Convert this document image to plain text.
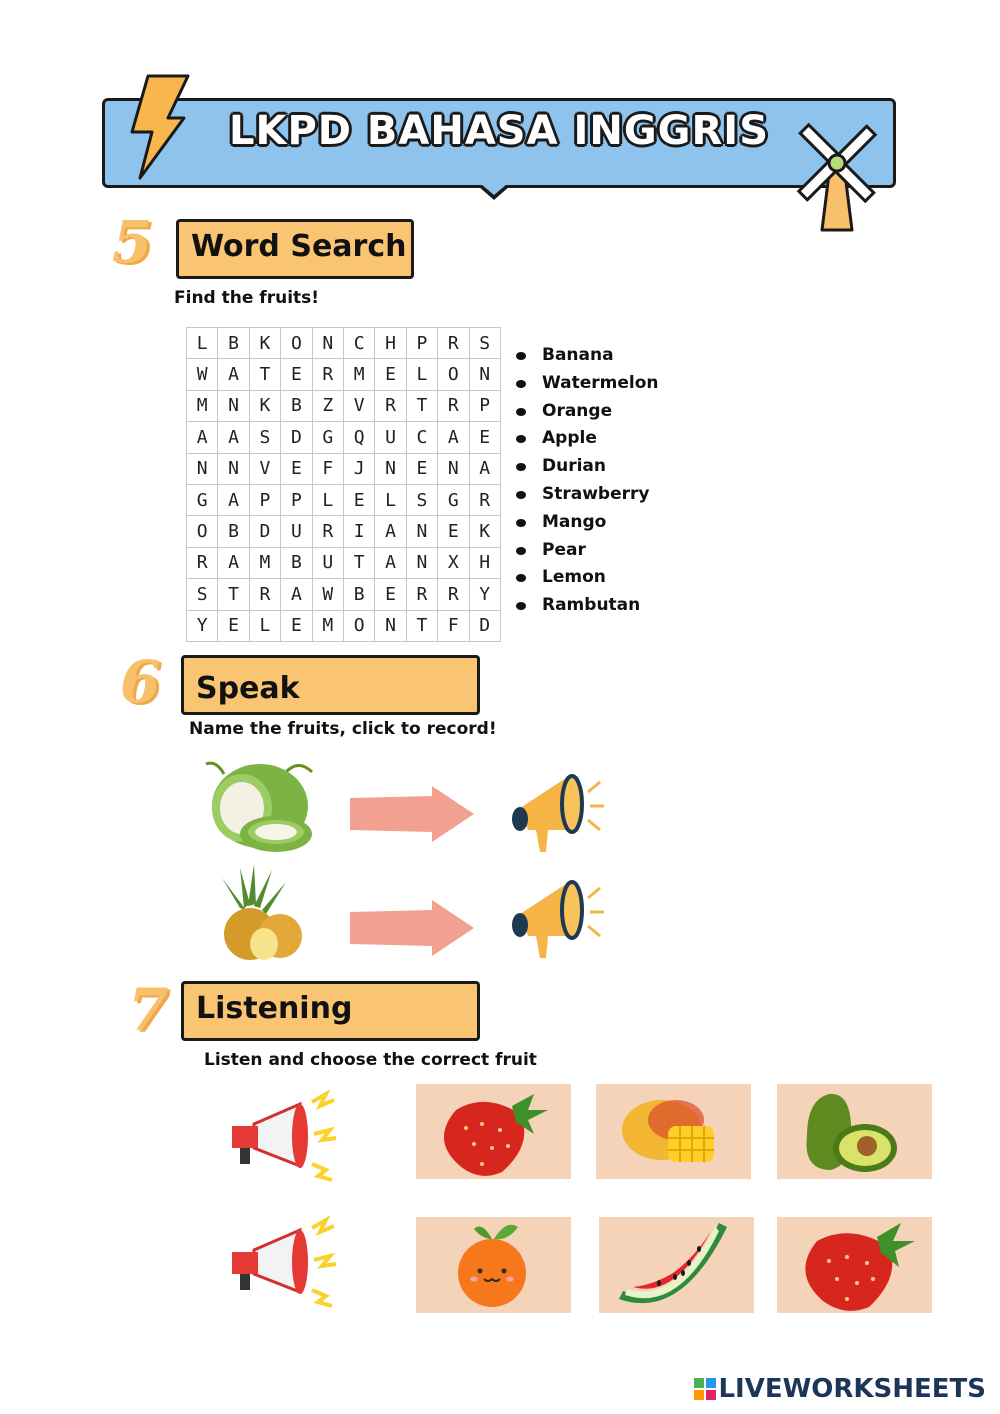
LKPD BAHASA INGGRIS
5	Word Search
Find the fruits!
L	B	K	O	N	C	H	P	R	S
W	A	T	E	R	M	E	L	O	N
M	N	K	B	Z	V	R	T	R	P
A	A	S	D	G	Q	U	C	A	E
N	N	V	E	F	J	N	E	N	A
G	A	P	P	L	E	L	S	G	R
O	B	D	U	R	I	A	N	E	K
R	A	M	B	U	T	A	N	X	H
S	T	R	A	W	B	E	R	R	Y
Y	E	L	E	M	O	N	T	F	D
Banana
Watermelon
Orange
Apple
Durian
Strawberry
Mango
Pear
Lemon
Rambutan
6	Speak
Name the fruits, click to record!
7 Listening
Listen and choose the correct fruit
LIVEWORKSHEETS
